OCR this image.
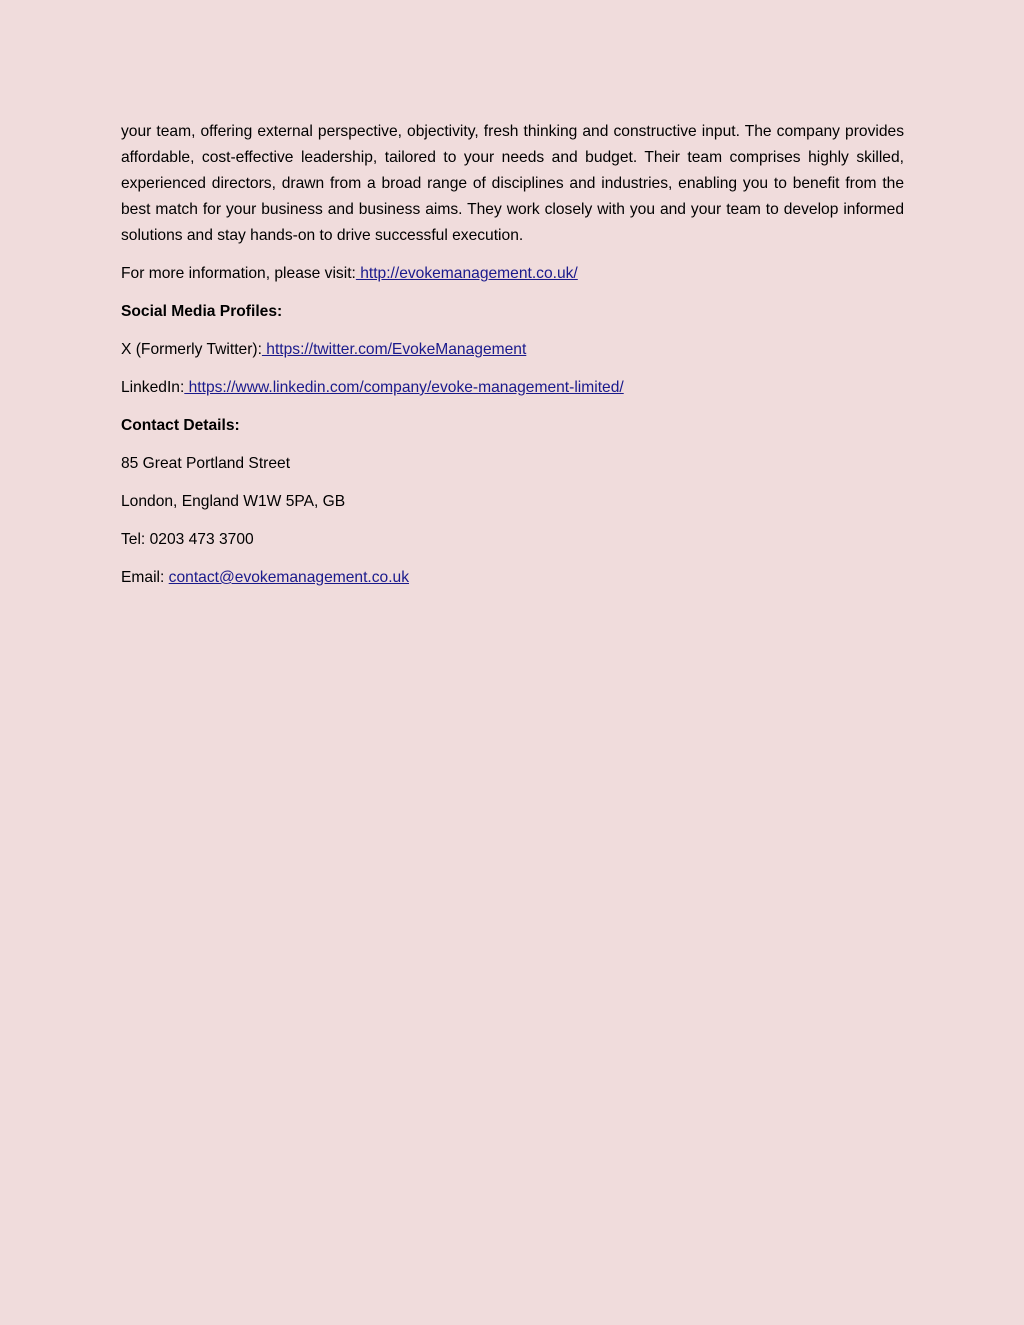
your team, offering external perspective, objectivity, fresh thinking and constructive input. The company provides affordable, cost-effective leadership, tailored to your needs and budget. Their team comprises highly skilled, experienced directors, drawn from a broad range of disciplines and industries, enabling you to benefit from the best match for your business and business aims. They work closely with you and your team to develop informed solutions and stay hands-on to drive successful execution.

For more information, please visit: http://evokemanagement.co.uk/

Social Media Profiles:

X (Formerly Twitter): https://twitter.com/EvokeManagement

LinkedIn: https://www.linkedin.com/company/evoke-management-limited/

Contact Details:

85 Great Portland Street

London, England W1W 5PA, GB

Tel: 0203 473 3700

Email: contact@evokemanagement.co.uk
